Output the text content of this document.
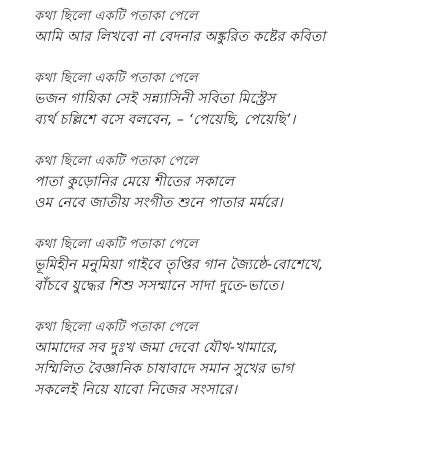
কথা ছিলো একটি পতাকা পেলে
আমি আর লিখবো না বেদনার অঙ্কুরিত কষ্টের কবিতা
কথা ছিলো একটি পতাকা পেলে
ভজন গায়িকা সেই সন্ন্যাসিনী সবিতা মিস্ট্রেস
ব্যর্থ চল্লিশে বসে বলবেন, – ‘পেয়েছি, পেয়েছি’।
কথা ছিলো একটি পতাকা পেলে
পাতা কুড়োনির মেয়ে শীতের সকালে
ওম নেবে জাতীয় সংগীত শুনে পাতার মর্মরে।
কথা ছিলো একটি পতাকা পেলে
ভূমিহীন মনুমিয়া গাইবে তৃপ্তির গান জ্যৈষ্ঠে-বোশেখে,
বাঁচবে যুদ্ধের শিশু সসম্মানে সাদা দুতে-ভাতে।
কথা ছিলো একটি পতাকা পেলে
আমাদের সব দুঃখ জমা দেবো যৌথ-খামারে,
সম্মিলিত বৈজ্ঞানিক চাষাবাদে সমান সুখের ভাগ
সকলেই নিয়ে যাবো নিজের সংসারে।
